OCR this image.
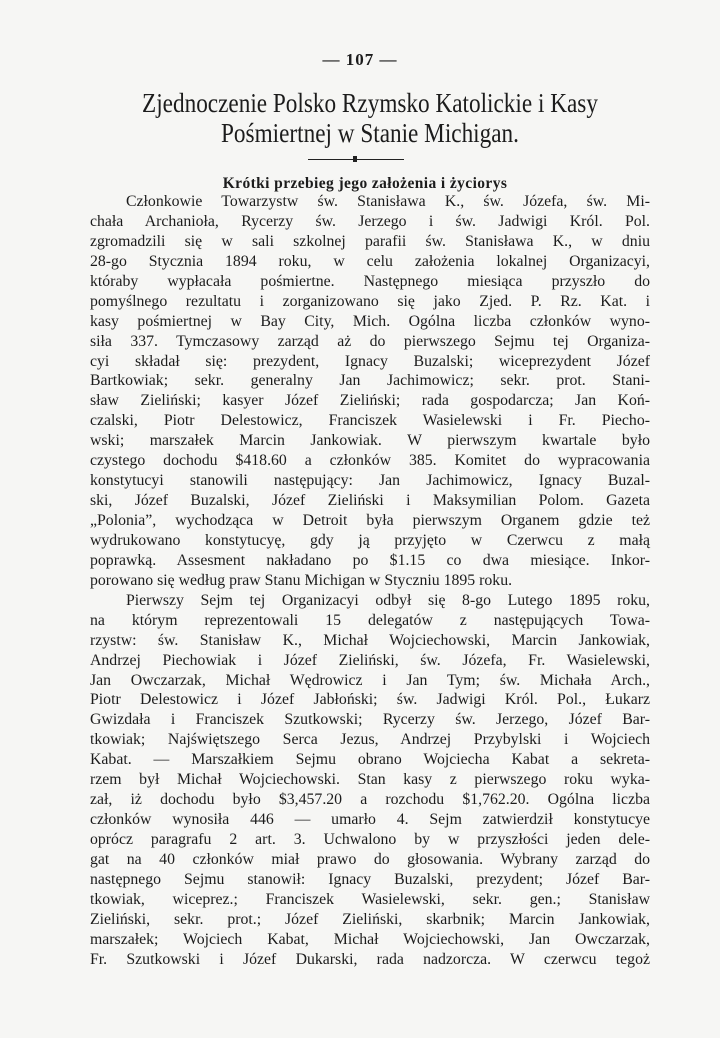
— 107 —
Zjednoczenie Polsko Rzymsko Katolickie i Kasy
Pośmiertnej w Stanie Michigan.
Krótki przebieg jego założenia i życiorys
Członkowie Towarzystw św. Stanisława K., św. Józefa, św. Mi-
chała Archanioła, Rycerzy św. Jerzego i św. Jadwigi Król. Pol.
zgromadzili się w sali szkolnej parafii św. Stanisława K., w dniu
28-go Stycznia 1894 roku, w celu założenia lokalnej Organizacyi,
któraby wypłacała pośmiertne. Następnego miesiąca przyszło do
pomyślnego rezultatu i zorganizowano się jako Zjed. P. Rz. Kat. i
kasy pośmiertnej w Bay City, Mich. Ogólna liczba członków wyno-
siła 337. Tymczasowy zarząd aż do pierwszego Sejmu tej Organiza-
cyi składał się: prezydent, Ignacy Buzalski; wiceprezydent Józef
Bartkowiak; sekr. generalny Jan Jachimowicz; sekr. prot. Stani-
sław Zieliński; kasyer Józef Zieliński; rada gospodarcza; Jan Koń-
czalski, Piotr Delestowicz, Franciszek Wasielewski i Fr. Piecho-
wski; marszałek Marcin Jankowiak. W pierwszym kwartale było
czystego dochodu $418.60 a członków 385. Komitet do wypracowania
konstytucyi stanowili następujący: Jan Jachimowicz, Ignacy Buzal-
ski, Józef Buzalski, Józef Zieliński i Maksymilian Polom. Gazeta
„Polonia”, wychodząca w Detroit była pierwszym Organem gdzie też
wydrukowano konstytucyę, gdy ją przyjęto w Czerwcu z małą
poprawką. Assesment nakładano po $1.15 co dwa miesiące. Inkor-
porowano się według praw Stanu Michigan w Styczniu 1895 roku.
Pierwszy Sejm tej Organizacyi odbył się 8-go Lutego 1895 roku,
na którym reprezentowali 15 delegatów z następujących Towa-
rzystw: św. Stanisław K., Michał Wojciechowski, Marcin Jankowiak,
Andrzej Piechowiak i Józef Zieliński, św. Józefa, Fr. Wasielewski,
Jan Owczarzak, Michał Wędrowicz i Jan Tym; św. Michała Arch.,
Piotr Delestowicz i Józef Jabłoński; św. Jadwigi Król. Pol., Łukarz
Gwizdała i Franciszek Szutkowski; Rycerzy św. Jerzego, Józef Bar-
tkowiak; Najświętszego Serca Jezus, Andrzej Przybylski i Wojciech
Kabat. — Marszałkiem Sejmu obrano Wojciecha Kabat a sekreta-
rzem był Michał Wojciechowski. Stan kasy z pierwszego roku wyka-
zał, iż dochodu było $3,457.20 a rozchodu $1,762.20. Ogólna liczba
członków wynosiła 446 — umarło 4. Sejm zatwierdził konstytucye
oprócz paragrafu 2 art. 3. Uchwalono by w przyszłości jeden dele-
gat na 40 członków miał prawo do głosowania. Wybrany zarząd do
następnego Sejmu stanowił: Ignacy Buzalski, prezydent; Józef Bar-
tkowiak, wiceprez.; Franciszek Wasielewski, sekr. gen.; Stanisław
Zieliński, sekr. prot.; Józef Zieliński, skarbnik; Marcin Jankowiak,
marszałek; Wojciech Kabat, Michał Wojciechowski, Jan Owczarzak,
Fr. Szutkowski i Józef Dukarski, rada nadzorcza. W czerwcu tegoż
